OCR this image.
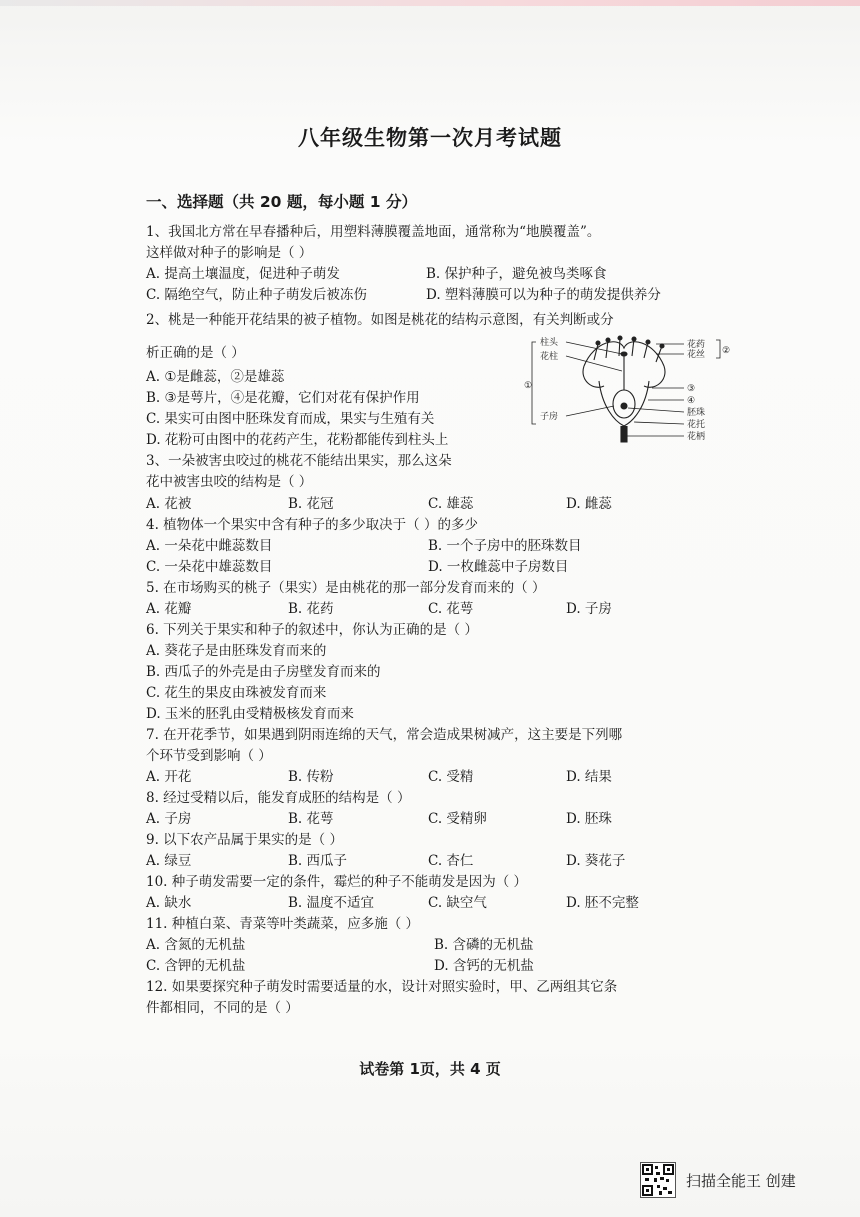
八年级生物第一次月考试题
一、选择题（共 20 题，每小题 1 分）
1、我国北方常在早春播种后，用塑料薄膜覆盖地面，通常称为“地膜覆盖”。
这样做对种子的影响是（ ）
A. 提高土壤温度，促进种子萌发	B. 保护种子，避免被鸟类啄食
C. 隔绝空气，防止种子萌发后被冻伤	D. 塑料薄膜可以为种子的萌发提供养分
2、桃是一种能开花结果的被子植物。如图是桃花的结构示意图，有关判断或分
析正确的是（ ）
A. ①是雌蕊，②是雄蕊
B. ③是萼片，④是花瓣，它们对花有保护作用
C. 果实可由图中胚珠发育而成，果实与生殖有关
D. 花粉可由图中的花药产生，花粉都能传到柱头上
柱头
花柱
子房
①
花药
花丝 ②
③
④
胚珠
花托
花柄
3、一朵被害虫咬过的桃花不能结出果实，那么这朵
花中被害虫咬的结构是（ ）
A. 花被	B. 花冠	C. 雄蕊	D. 雌蕊
4. 植物体一个果实中含有种子的多少取决于（ ）的多少
A. 一朵花中雌蕊数目	B. 一个子房中的胚珠数目
C. 一朵花中雄蕊数目	D. 一枚雌蕊中子房数目
5. 在市场购买的桃子（果实）是由桃花的那一部分发育而来的（ ）
A. 花瓣	B. 花药	C. 花萼	D. 子房
6. 下列关于果实和种子的叙述中，你认为正确的是（ ）
A. 葵花子是由胚珠发育而来的
B. 西瓜子的外壳是由子房壁发育而来的
C. 花生的果皮由珠被发育而来
D. 玉米的胚乳由受精极核发育而来
7. 在开花季节，如果遇到阴雨连绵的天气，常会造成果树减产，这主要是下列哪
个环节受到影响（ ）
A. 开花	B. 传粉	C. 受精	D. 结果
8. 经过受精以后，能发育成胚的结构是（ ）
A. 子房	B. 花萼	C. 受精卵	D. 胚珠
9. 以下农产品属于果实的是（ ）
A. 绿豆	B. 西瓜子	C. 杏仁	D. 葵花子
10. 种子萌发需要一定的条件，霉烂的种子不能萌发是因为（ ）
A. 缺水	B. 温度不适宜	C. 缺空气	D. 胚不完整
11. 种植白菜、青菜等叶类蔬菜，应多施（ ）
A. 含氮的无机盐	B. 含磷的无机盐
C. 含钾的无机盐	D. 含钙的无机盐
12. 如果要探究种子萌发时需要适量的水，设计对照实验时，甲、乙两组其它条
件都相同，不同的是（ ）
试卷第 1页，共 4 页
扫描全能王 创建
